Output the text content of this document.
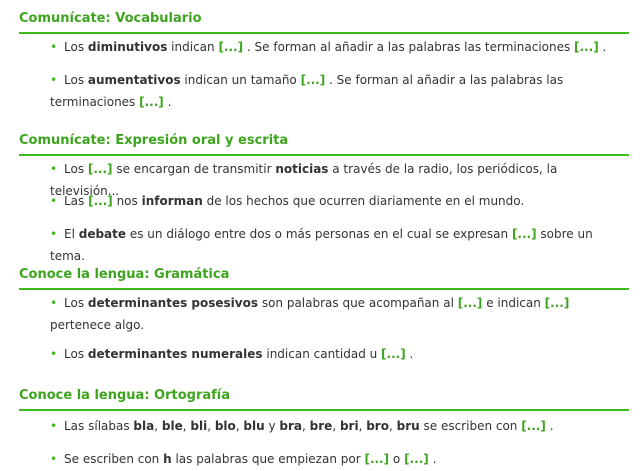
Comunícate: Vocabulario
• Los diminutivos indican [...] . Se forman al añadir a las palabras las terminaciones [...] .
• Los aumentativos indican un tamaño [...] . Se forman al añadir a las palabras las terminaciones [...] .
Comunícate: Expresión oral y escrita
• Los [...] se encargan de transmitir noticias a través de la radio, los periódicos, la televisión...
• Las [...] nos informan de los hechos que ocurren diariamente en el mundo.
• El debate es un diálogo entre dos o más personas en el cual se expresan [...] sobre un tema.
Conoce la lengua: Gramática
• Los determinantes posesivos son palabras que acompañan al [...] e indican [...] pertenece algo.
• Los determinantes numerales indican cantidad u [...] .
Conoce la lengua: Ortografía
• Las sílabas bla, ble, bli, blo, blu y bra, bre, bri, bro, bru se escriben con [...] .
• Se escriben con h las palabras que empiezan por [...] o [...] .
